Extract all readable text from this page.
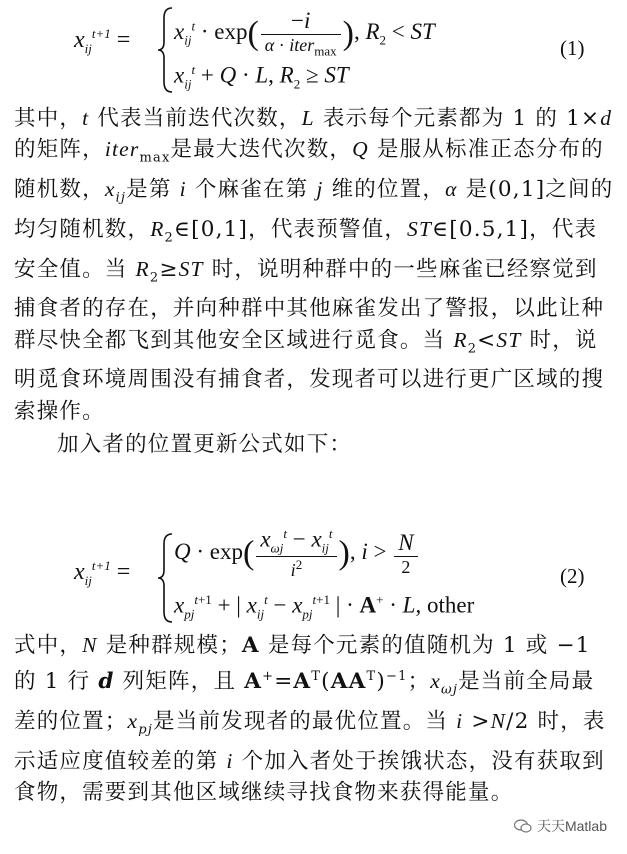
$x_{ij}^{t+1} = x_{ij}^t \cdot \exp( \frac{-i}{\alpha \cdot iter_{max}}$ ), $R_2$ < ST
$x_{ij}^t + Q \cdot L$, $R_2$ ≥ ST
(1)

其中，t 代表当前迭代次数，L 表示每个元素都为 1 的 1×d 的矩阵，iter$_{max}$是最大迭代次数，Q 是服从标准正态分布的随机数，$x_{ij}$是第 i 个麻雀在第 j 维的位置，α 是(0,1]之间的均匀随机数，$R_2\in[0,1]$，代表预警值，ST∈[0.5,1]，代表安全值。当 $R_2\ge ST$ 时，说明种群中的一些麻雀已经察觉到捕食者的存在，并向种群中其他麻雀发出了警报，以此让种群尽快全都飞到其他安全区域进行觅食。当 $R_2<ST$ 时，说明觅食环境周围没有捕食者，发现者可以进行更广区域的搜索操作。

加入者的位置更新公式如下：

$x_{ij}^{t+1}$ =
$Q \cdot \exp( \frac{x_{\omega j}^t - x_{ij}^t}{i^2}$ ), $i > \frac{N}{2}$
$x_{pj}^{t+1}$ + | $x_{ij}^t - x_{pj}^{t+1}$ | · A+ · L, other
(2)

式中，N 是种群规模；A 是每个元素的值随机为 1 或 −1 的 1 行 d 列矩阵，且 $A^+=A^T(AA^T)^{-1}$；$x_{\omega j}$是当前全局最差的位置；$x_{pj}$是当前发现者的最优位置。当 i >N/2 时，表示适应度值较差的第 i 个加入者处于挨饿状态，没有获取到食物，需要到其他区域继续寻找食物来获得能量。

天天Matlab
